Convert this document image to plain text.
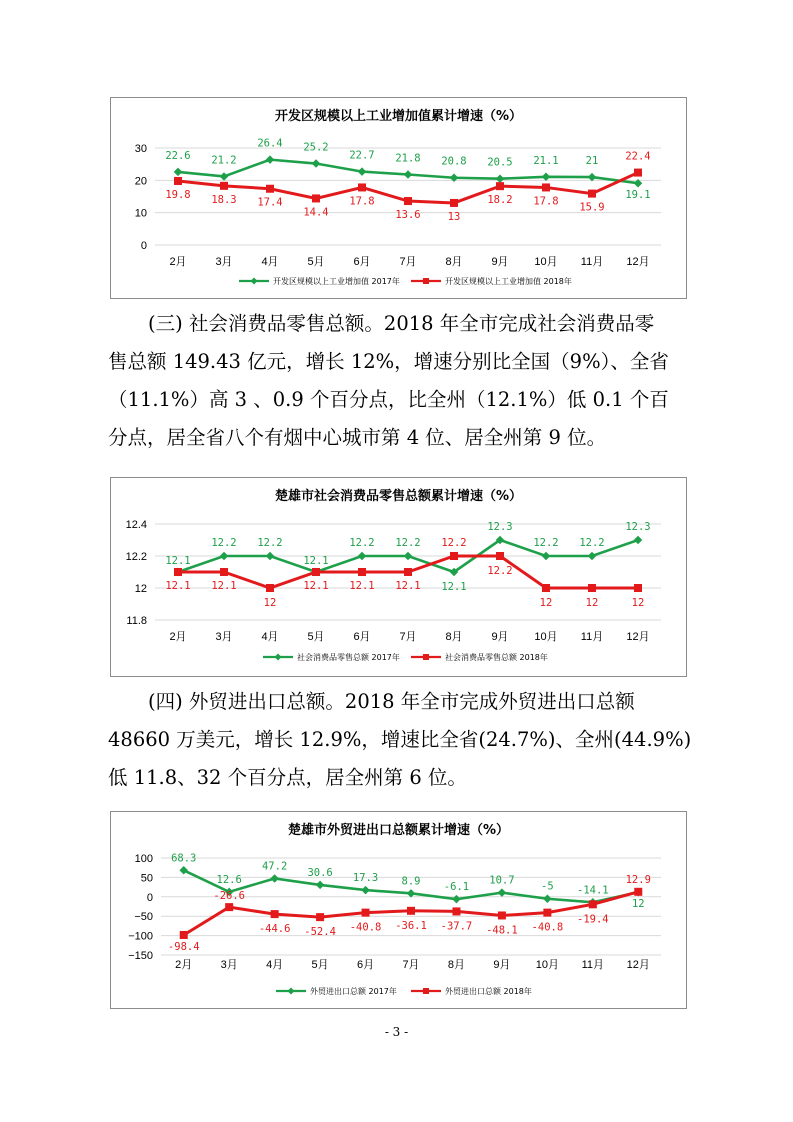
开发区规模以上工业增加值累计增速（%）
0
10
20
30
2月	3月	4月	5月	6月	7月	8月	9月 10月 11月 12月
22.6 21.2
26.4 25.2
22.7 21.8 20.8 20.5 21.1	21
19.1
开发区规模以上工业增加值 2017年
19.8 18.3 17.4
14.4
17.8
13.6	13
18.2 17.8
15.9
22.4
开发区规模以上工业增加值 2018年
(三) 社会消费品零售总额。2018 年全市完成社会消费品零
售总额 149.43 亿元，增长 12%，增速分别比全国（9%）、全省
（11.1%）高 3 、0.9 个百分点，比全州（12.1%）低 0.1 个百
分点，居全省八个有烟中心城市第 4 位、居全州第 9 位。
楚雄市社会消费品零售总额累计增速（%）
11.8
12
12.2
12.4
2月	3月	4月	5月	6月	7月	8月	9月 10月 11月 12月
12.1
12.2 12.2
12.1
12.2 12.2
12.1
12.3
12.2 12.2
12.3
社会消费品零售总额 2017年
12.1 12.1
12
12.1 12.1 12.1
12.2
12.2
12	12	12
社会消费品零售总额 2018年
(四) 外贸进出口总额。2018 年全市完成外贸进出口总额
48660 万美元，增长 12.9%，增速比全省(24.7%)、全州(44.9%)
低 11.8、32 个百分点，居全州第 6 位。
楚雄市外贸进出口总额累计增速（%）
−150
−100
−50
0
50
100
2月	3月	4月	5月	6月	7月	8月	9月 10月 11月 12月
68.3
12.6
47.2
30.6 17.3 8.9 -6.1
10.7
-5 -14.1
12
外贸进出口总额 2017年
-98.4
-26.6
-44.6 -52.4 -40.8 -36.1 -37.7 -48.1 -40.8
-19.4
12.9
外贸进出口总额 2018年
- 3 -
